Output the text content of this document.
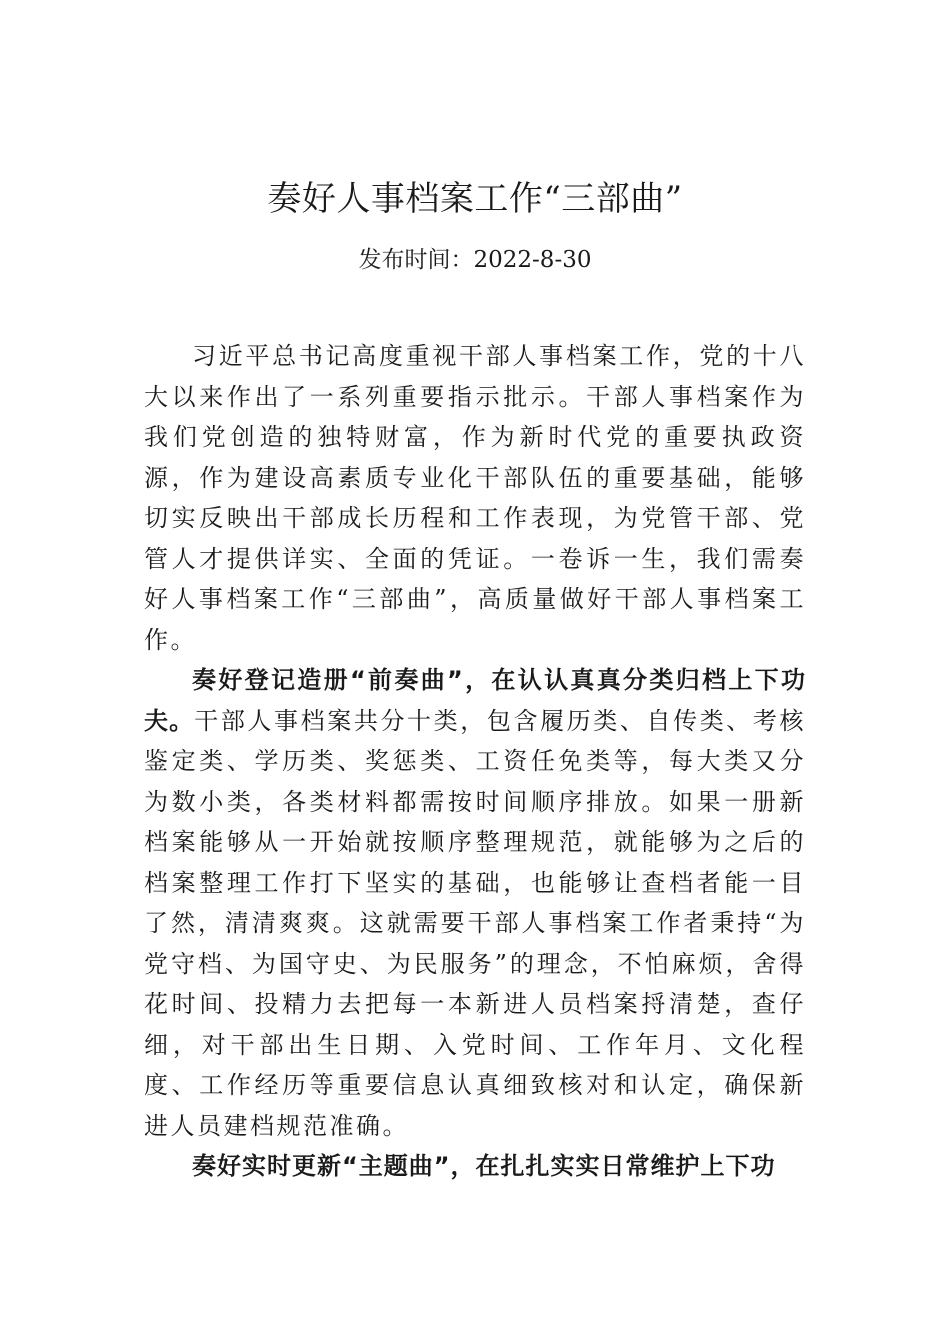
奏好人事档案工作“三部曲”
发布时间：2022-8-30

习近平总书记高度重视干部人事档案工作，党的十八大以来作出了一系列重要指示批示。干部人事档案作为我们党创造的独特财富，作为新时代党的重要执政资源，作为建设高素质专业化干部队伍的重要基础，能够切实反映出干部成长历程和工作表现，为党管干部、党管人才提供详实、全面的凭证。一卷诉一生，我们需奏好人事档案工作“三部曲”，高质量做好干部人事档案工作。

奏好登记造册“前奏曲”，在认认真真分类归档上下功夫。干部人事档案共分十类，包含履历类、自传类、考核鉴定类、学历类、奖惩类、工资任免类等，每大类又分为数小类，各类材料都需按时间顺序排放。如果一册新档案能够从一开始就按顺序整理规范，就能够为之后的档案整理工作打下坚实的基础，也能够让查档者能一目了然，清清爽爽。这就需要干部人事档案工作者秉持“为党守档、为国守史、为民服务”的理念，不怕麻烦，舍得花时间、投精力去把每一本新进人员档案捋清楚，查仔细，对干部出生日期、入党时间、工作年月、文化程度、工作经历等重要信息认真细致核对和认定，确保新进人员建档规范准确。

奏好实时更新“主题曲”，在扎扎实实日常维护上下功
